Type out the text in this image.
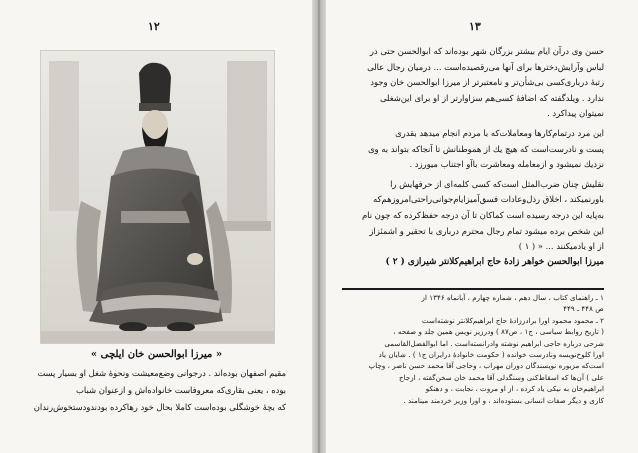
۱۲
« میرزا ابوالحسن خان ایلچی »
مقیم اصفهان بوده‌اند . درجوانی وضع‌معیشت ونحوهٔ شغل او بسیار پست
بوده ، یعنی بقاری‌که معروفاست خانواده‌اش و از‌عنوان شباب
که بچهٔ خوشگلی بوده‌است کاملا بحال خود رها‌کرده بودند‌ودستخوش‌رندان
۱۳
حسن وی در‌آن ایام بیشتر بزرگان شهر بوده‌اند که ابوالحسن حتی در
لباس وآرایش‌دختر‌ها برای آنها می‌رقصیده‌است ... درمیان رجال عالی
رتبهٔ درباری‌کسی بی‌شأن‌تر و نامعتبر‌تر از میرزا ابوالحسن خان وجود
ندارد . ویلدگفته که اضافهٔ کسی‌هم سزاوار‌تر از او برای این‌شغلی
نمیتوان پیدا‌کرد .
این مرد در‌تمام‌کارها ومعاملات‌که با مردم انجام میدهد بقدری
پست و نادرست‌است که هیچ یك از هموطنانش تا آنجاکه بتواند به وی
نزدیك نمیشود و از‌معامله ومعاشرت باآو اجتناب میورزد .
نقلیش چنان ضرب‌المثل است‌که کسی کلمه‌ای از حرفهایش را
باور‌نمیکند ، اخلاق رذل‌وعادات فسق‌آمیز‌ایام‌جوانی‌را‌حتی‌امروز‌هم‌که
به‌پایه این درجه رسیده است کماکان تا آن درجه حفظ‌کرده که چون نام
این شخص برده میشود تمام رجال محترم درباری با تحقیر و اشمئزاز
از او یادمیکنند ... « ( ۱ )
میرزا ابوالحسن خواهر زادهٔ حاج ابراهیم‌کلانتر شیرازی ( ۲ )
۱ ـ راهنمای کتاب ، سال دهم ، شماره چهارم ، آبانماه ۱۳۴۶ از
ص ۴۴۸ ـ ۴۴۹
۲ ـ محمود محمود اورا برادرزادهٔ حاج ابراهیم‌کلانتر نوشته‌است
( تاریخ روابط سیاسی ، ج۱ ، ص۸۷ ) ودر‌زیر نویس همین جلد و صفحه ،
شرحی درباره حاجی ابراهیم نوشته وادرانسته‌است . اما ابوالفضل‌القاسمی
اورا کلوخ‌نویسه ونادرست خوانده ( حکومت خانوادهٔ درایران ج۱ ) . شایان یاد
است‌که مزبوره نویسندگان دوران مهراب ، وحاجی آقا محمد حسن ناصر ، وچاپ
علی ) آن‌ها که اسقاط‌کنی وسنگدلی آقا محمد خان سخن‌گفته ، ازجاج
ابراهیم‌خان به نیکی یاد کرده ، از او مروت ، نجابت ، و دهنکو
کاری و دیگر صفات انسانی بستوده‌اند ، و اورا وزیر خردمند مینامند .
